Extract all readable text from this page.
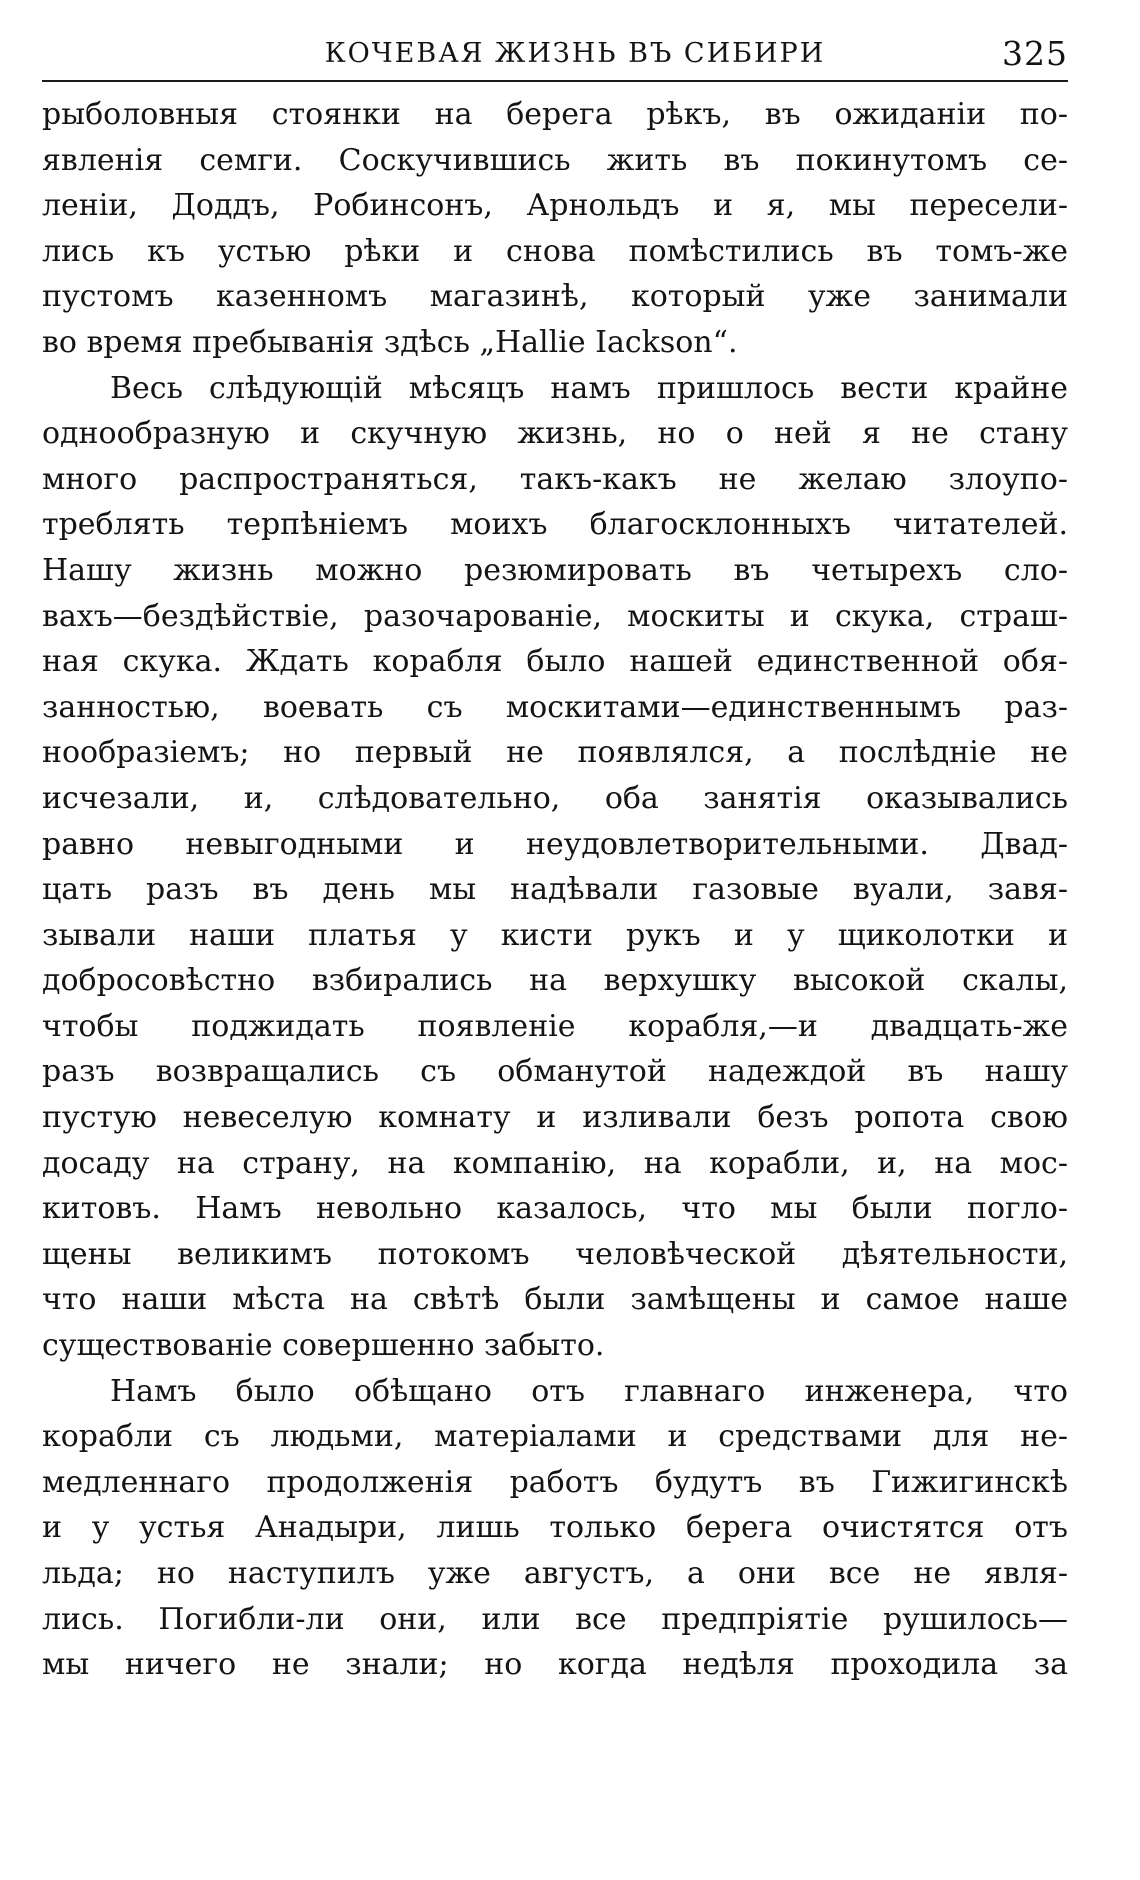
КОЧЕВАЯ ЖИЗНЬ ВЪ СИБИРИ	325

рыболовныя стоянки на берега рѣкъ, въ ожиданіи по-
явленія семги. Соскучившись жить въ покинутомъ се-
леніи, Доддъ, Робинсонъ, Арнольдъ и я, мы пересели-
лись къ устью рѣки и снова помѣстились въ томъ-же
пустомъ казенномъ магазинѣ, который уже занимали
во время пребыванія здѣсь „Hallie Iackson“.

Весь слѣдующій мѣсяцъ намъ пришлось вести крайне
однообразную и скучную жизнь, но о ней я не стану
много распространяться, такъ-какъ не желаю злоупо-
треблять терпѣніемъ моихъ благосклонныхъ читателей.
Нашу жизнь можно резюмировать въ четырехъ сло-
вахъ—бездѣйствіе, разочарованіе, москиты и скука, страш-
ная скука. Ждать корабля было нашей единственной обя-
занностью, воевать съ москитами—единственнымъ раз-
нообразіемъ; но первый не появлялся, а послѣдніе не
исчезали, и, слѣдовательно, оба занятія оказывались
равно невыгодными и неудовлетворительными. Двад-
цать разъ въ день мы надѣвали газовые вуали, завя-
зывали наши платья у кисти рукъ и у щиколотки и
добросовѣстно взбирались на верхушку высокой скалы,
чтобы поджидать появленіе корабля,—и двадцать-же
разъ возвращались съ обманутой надеждой въ нашу
пустую невеселую комнату и изливали безъ ропота свою
досаду на страну, на компанію, на корабли, и, на мос-
китовъ. Намъ невольно казалось, что мы были погло-
щены великимъ потокомъ человѣческой дѣятельности,
что наши мѣста на свѣтѣ были замѣщены и самое наше
существованіе совершенно забыто.

Намъ было обѣщано отъ главнаго инженера, что
корабли съ людьми, матеріалами и средствами для не-
медленнаго продолженія работъ будутъ въ Гижигинскѣ
и у устья Анадыри, лишь только берега очистятся отъ
льда; но наступилъ уже августъ, а они все не явля-
лись. Погибли-ли они, или все предпріятіе рушилось—
мы ничего не знали; но когда недѣля проходила за
